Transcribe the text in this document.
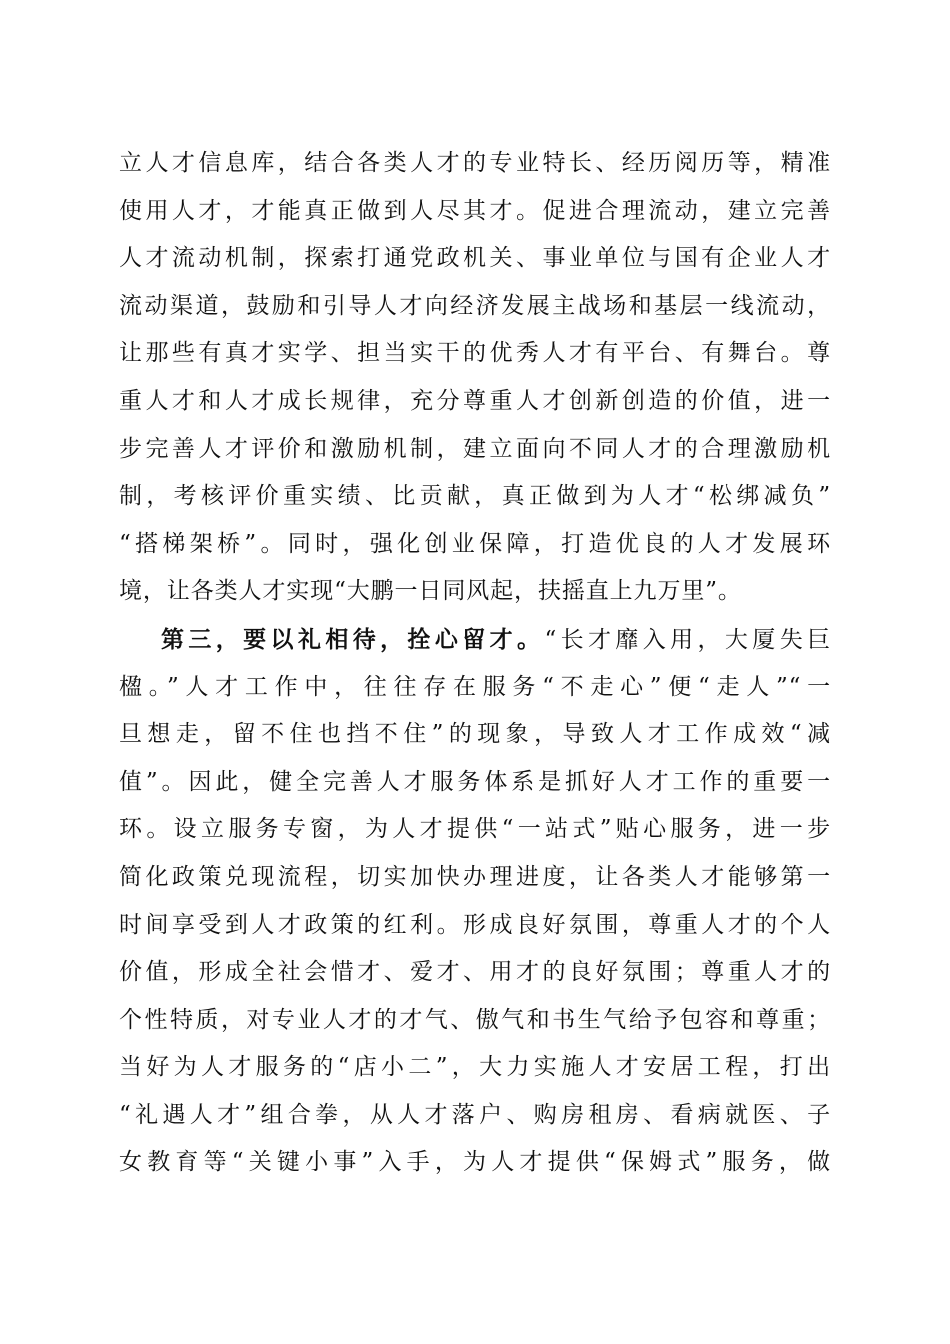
立人才信息库，结合各类人才的专业特长、经历阅历等，精准
使用人才，才能真正做到人尽其才。促进合理流动，建立完善
人才流动机制，探索打通党政机关、事业单位与国有企业人才
流动渠道，鼓励和引导人才向经济发展主战场和基层一线流动，
让那些有真才实学、担当实干的优秀人才有平台、有舞台。尊
重人才和人才成长规律，充分尊重人才创新创造的价值，进一
步完善人才评价和激励机制，建立面向不同人才的合理激励机
制，考核评价重实绩、比贡献，真正做到为人才“松绑减负”
“搭梯架桥”。同时，强化创业保障，打造优良的人才发展环
境，让各类人才实现“大鹏一日同风起，扶摇直上九万里”。
第三，要以礼相待，拴心留才。“长才靡入用，大厦失巨
楹。”人才工作中，往往存在服务“不走心”便“走人”“一
旦想走，留不住也挡不住”的现象，导致人才工作成效“减
值”。因此，健全完善人才服务体系是抓好人才工作的重要一
环。设立服务专窗，为人才提供“一站式”贴心服务，进一步
简化政策兑现流程，切实加快办理进度，让各类人才能够第一
时间享受到人才政策的红利。形成良好氛围，尊重人才的个人
价值，形成全社会惜才、爱才、用才的良好氛围；尊重人才的
个性特质，对专业人才的才气、傲气和书生气给予包容和尊重；
当好为人才服务的“店小二”，大力实施人才安居工程，打出
“礼遇人才”组合拳，从人才落户、购房租房、看病就医、子
女教育等“关键小事”入手，为人才提供“保姆式”服务，做
